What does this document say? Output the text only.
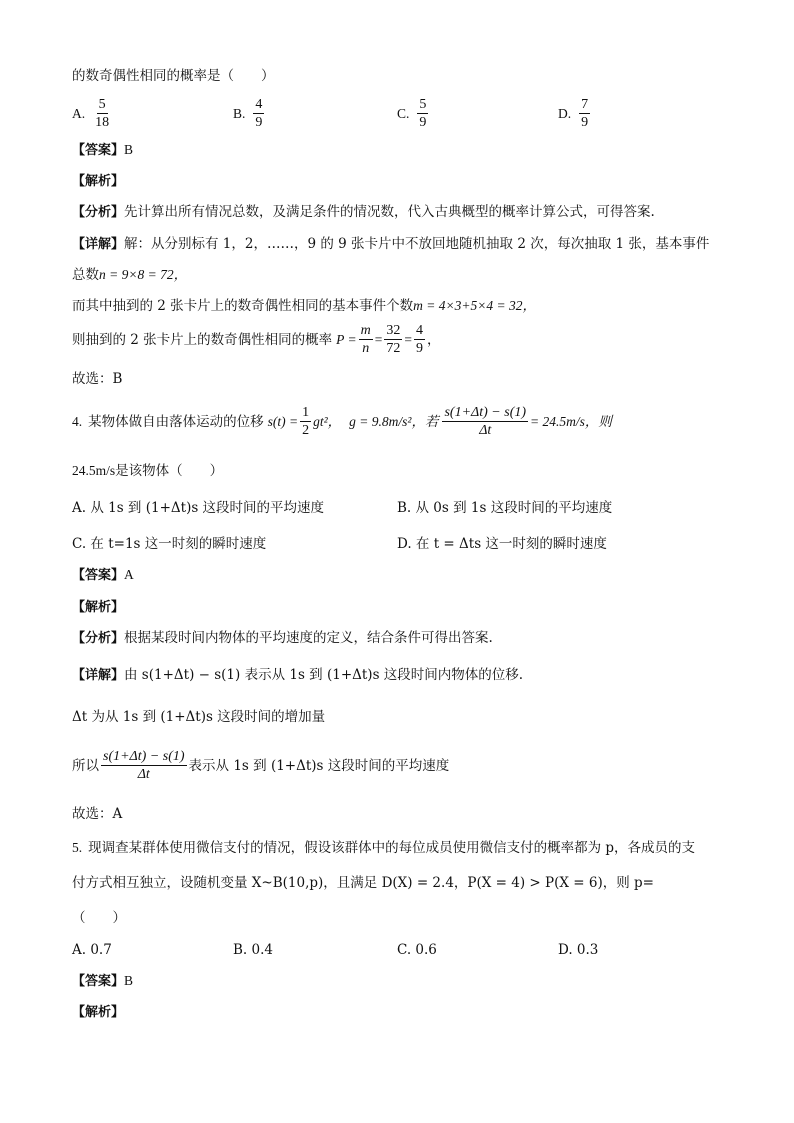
的数奇偶性相同的概率是（　　）
A. $\frac{5}{18}$	B. $\frac{4}{9}$	C. $\frac{5}{9}$	D. $\frac{7}{9}$
【答案】B
【解析】
【分析】先计算出所有情况总数，及满足条件的情况数，代入古典概型的概率计算公式，可得答案.
【详解】解：从分别标有 1，2，……，9 的 9 张卡片中不放回地随机抽取 2 次，每次抽取 1 张，基本事件
总数n = 9×8 = 72，
而其中抽到的 2 张卡片上的数奇偶性相同的基本事件个数m = 4×3+5×4 = 32，
则抽到的 2 张卡片上的数奇偶性相同的概率 $P = \frac{m}{n} = \frac{32}{72} = \frac{4}{9}$ ，
故选：B
4. 某物体做自由落体运动的位移 $s(t) = \frac{1}{2} gt^2$， g = 9.8m/s²，若 $\frac{s(1+\Delta t) - s(1)}{\Delta t} = 24.5m/s$，则
24.5m/s是该物体（　　）
A. 从 1s 到 (1+Δt)s 这段时间的平均速度	B. 从 0s 到 1s 这段时间的平均速度
C. 在 t=1s 这一时刻的瞬时速度	D. 在 t = Δts 这一时刻的瞬时速度
【答案】A
【解析】
【分析】根据某段时间内物体的平均速度的定义，结合条件可得出答案.
【详解】由 s(1+Δt) − s(1) 表示从 1s 到 (1+Δt)s 这段时间内物体的位移.
Δt 为从 1s 到 (1+Δt)s 这段时间的增加量
所以 $\frac{s(1+\Delta t) - s(1)}{\Delta t}$ 表示从 1s 到 (1+Δt)s 这段时间的平均速度
故选：A
5. 现调查某群体使用微信支付的情况，假设该群体中的每位成员使用微信支付的概率都为 p，各成员的支
付方式相互独立，设随机变量 X~B(10,p)，且满足 D(X) = 2.4，P(X = 4) > P(X = 6)，则 p=
（　　）
A. 0.7	B. 0.4	C. 0.6	D. 0.3
【答案】B
【解析】
